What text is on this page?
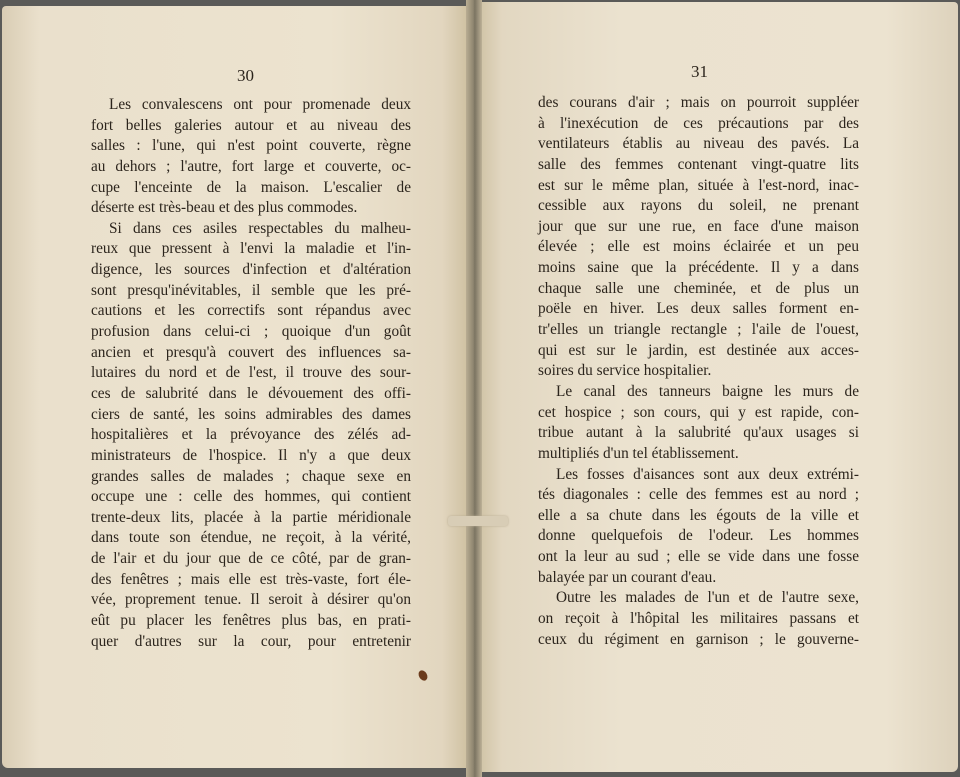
30
Les convalescens ont pour promenade deux
fort belles galeries autour et au niveau des
salles : l'une, qui n'est point couverte, règne
au dehors ; l'autre, fort large et couverte, oc-
cupe l'enceinte de la maison. L'escalier de
déserte est très-beau et des plus commodes.
Si dans ces asiles respectables du malheu-
reux que pressent à l'envi la maladie et l'in-
digence, les sources d'infection et d'altération
sont presqu'inévitables, il semble que les pré-
cautions et les correctifs sont répandus avec
profusion dans celui-ci ; quoique d'un goût
ancien et presqu'à couvert des influences sa-
lutaires du nord et de l'est, il trouve des sour-
ces de salubrité dans le dévouement des offi-
ciers de santé, les soins admirables des dames
hospitalières et la prévoyance des zélés ad-
ministrateurs de l'hospice. Il n'y a que deux
grandes salles de malades ; chaque sexe en
occupe une : celle des hommes, qui contient
trente-deux lits, placée à la partie méridionale
dans toute son étendue, ne reçoit, à la vérité,
de l'air et du jour que de ce côté, par de gran-
des fenêtres ; mais elle est très-vaste, fort éle-
vée, proprement tenue. Il seroit à désirer qu'on
eût pu placer les fenêtres plus bas, en prati-
quer d'autres sur la cour, pour entretenir
31
des courans d'air ; mais on pourroit suppléer
à l'inexécution de ces précautions par des
ventilateurs établis au niveau des pavés. La
salle des femmes contenant vingt-quatre lits
est sur le même plan, située à l'est-nord, inac-
cessible aux rayons du soleil, ne prenant
jour que sur une rue, en face d'une maison
élevée ; elle est moins éclairée et un peu
moins saine que la précédente. Il y a dans
chaque salle une cheminée, et de plus un
poële en hiver. Les deux salles forment en-
tr'elles un triangle rectangle ; l'aile de l'ouest,
qui est sur le jardin, est destinée aux acces-
soires du service hospitalier.
Le canal des tanneurs baigne les murs de
cet hospice ; son cours, qui y est rapide, con-
tribue autant à la salubrité qu'aux usages si
multipliés d'un tel établissement.
Les fosses d'aisances sont aux deux extrémi-
tés diagonales : celle des femmes est au nord ;
elle a sa chute dans les égouts de la ville et
donne quelquefois de l'odeur. Les hommes
ont la leur au sud ; elle se vide dans une fosse
balayée par un courant d'eau.
Outre les malades de l'un et de l'autre sexe,
on reçoit à l'hôpital les militaires passans et
ceux du régiment en garnison ; le gouverne-
